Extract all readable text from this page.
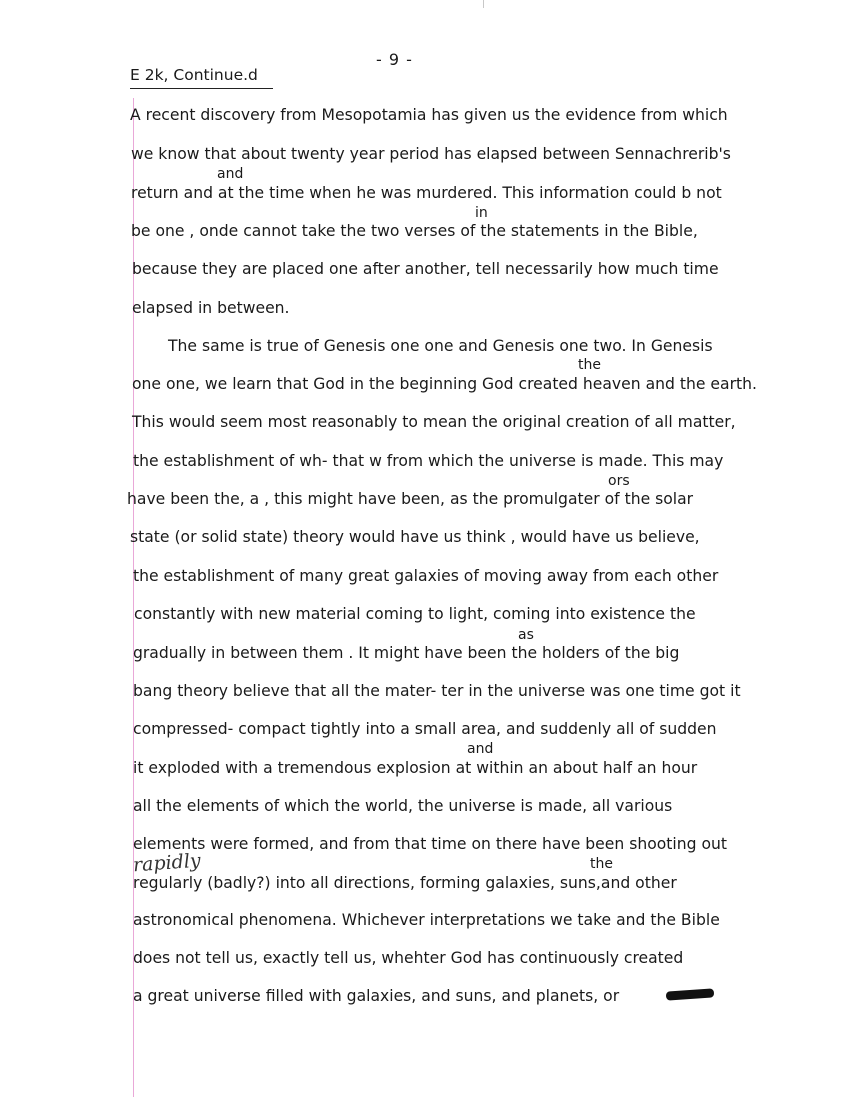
- 9 -
E 2k, Continue.d
A recent discovery from Mesopotamia has given us the evidence from which
we know that about twenty year period has elapsed between Sennachrerib's
return and at the time when he was murdered. This information could b not
be one , onde cannot take the two verses of the statements in the Bible,
because they are placed one after another, tell necessarily how much time
elapsed in between.
The same is true of Genesis one one and Genesis one two. In Genesis
one one, we learn that God in the beginning God created heaven and the earth.
This would seem most reasonably to mean the original creation of all matter,
the establishment of wh- that w from which the universe is made. This may
have been the, a , this might have been, as the promulgater of the solar
state (or solid state) theory would have us think , would have us believe,
the establishment of many great galaxies of moving away from each other
constantly with new material coming to light, coming into existence the
gradually in between them . It might have been the holders of the big
bang theory believe that all the mater- ter in the universe was one time got it
compressed- compact tightly into a small area, and suddenly all of sudden
it exploded with a tremendous explosion at within an about half an hour
all the elements of which the world, the universe is made, all various
elements were formed, and from that time on there have been shooting out
regularly (badly?) into all directions, forming galaxies, suns,and other
astronomical phenomena. Whichever interpretations we take and the Bible
does not tell us, exactly tell us, whehter God has continuously created
a great universe filled with galaxies, and suns, and planets, or
and
in
the
ors
as
and
the
rapidly
